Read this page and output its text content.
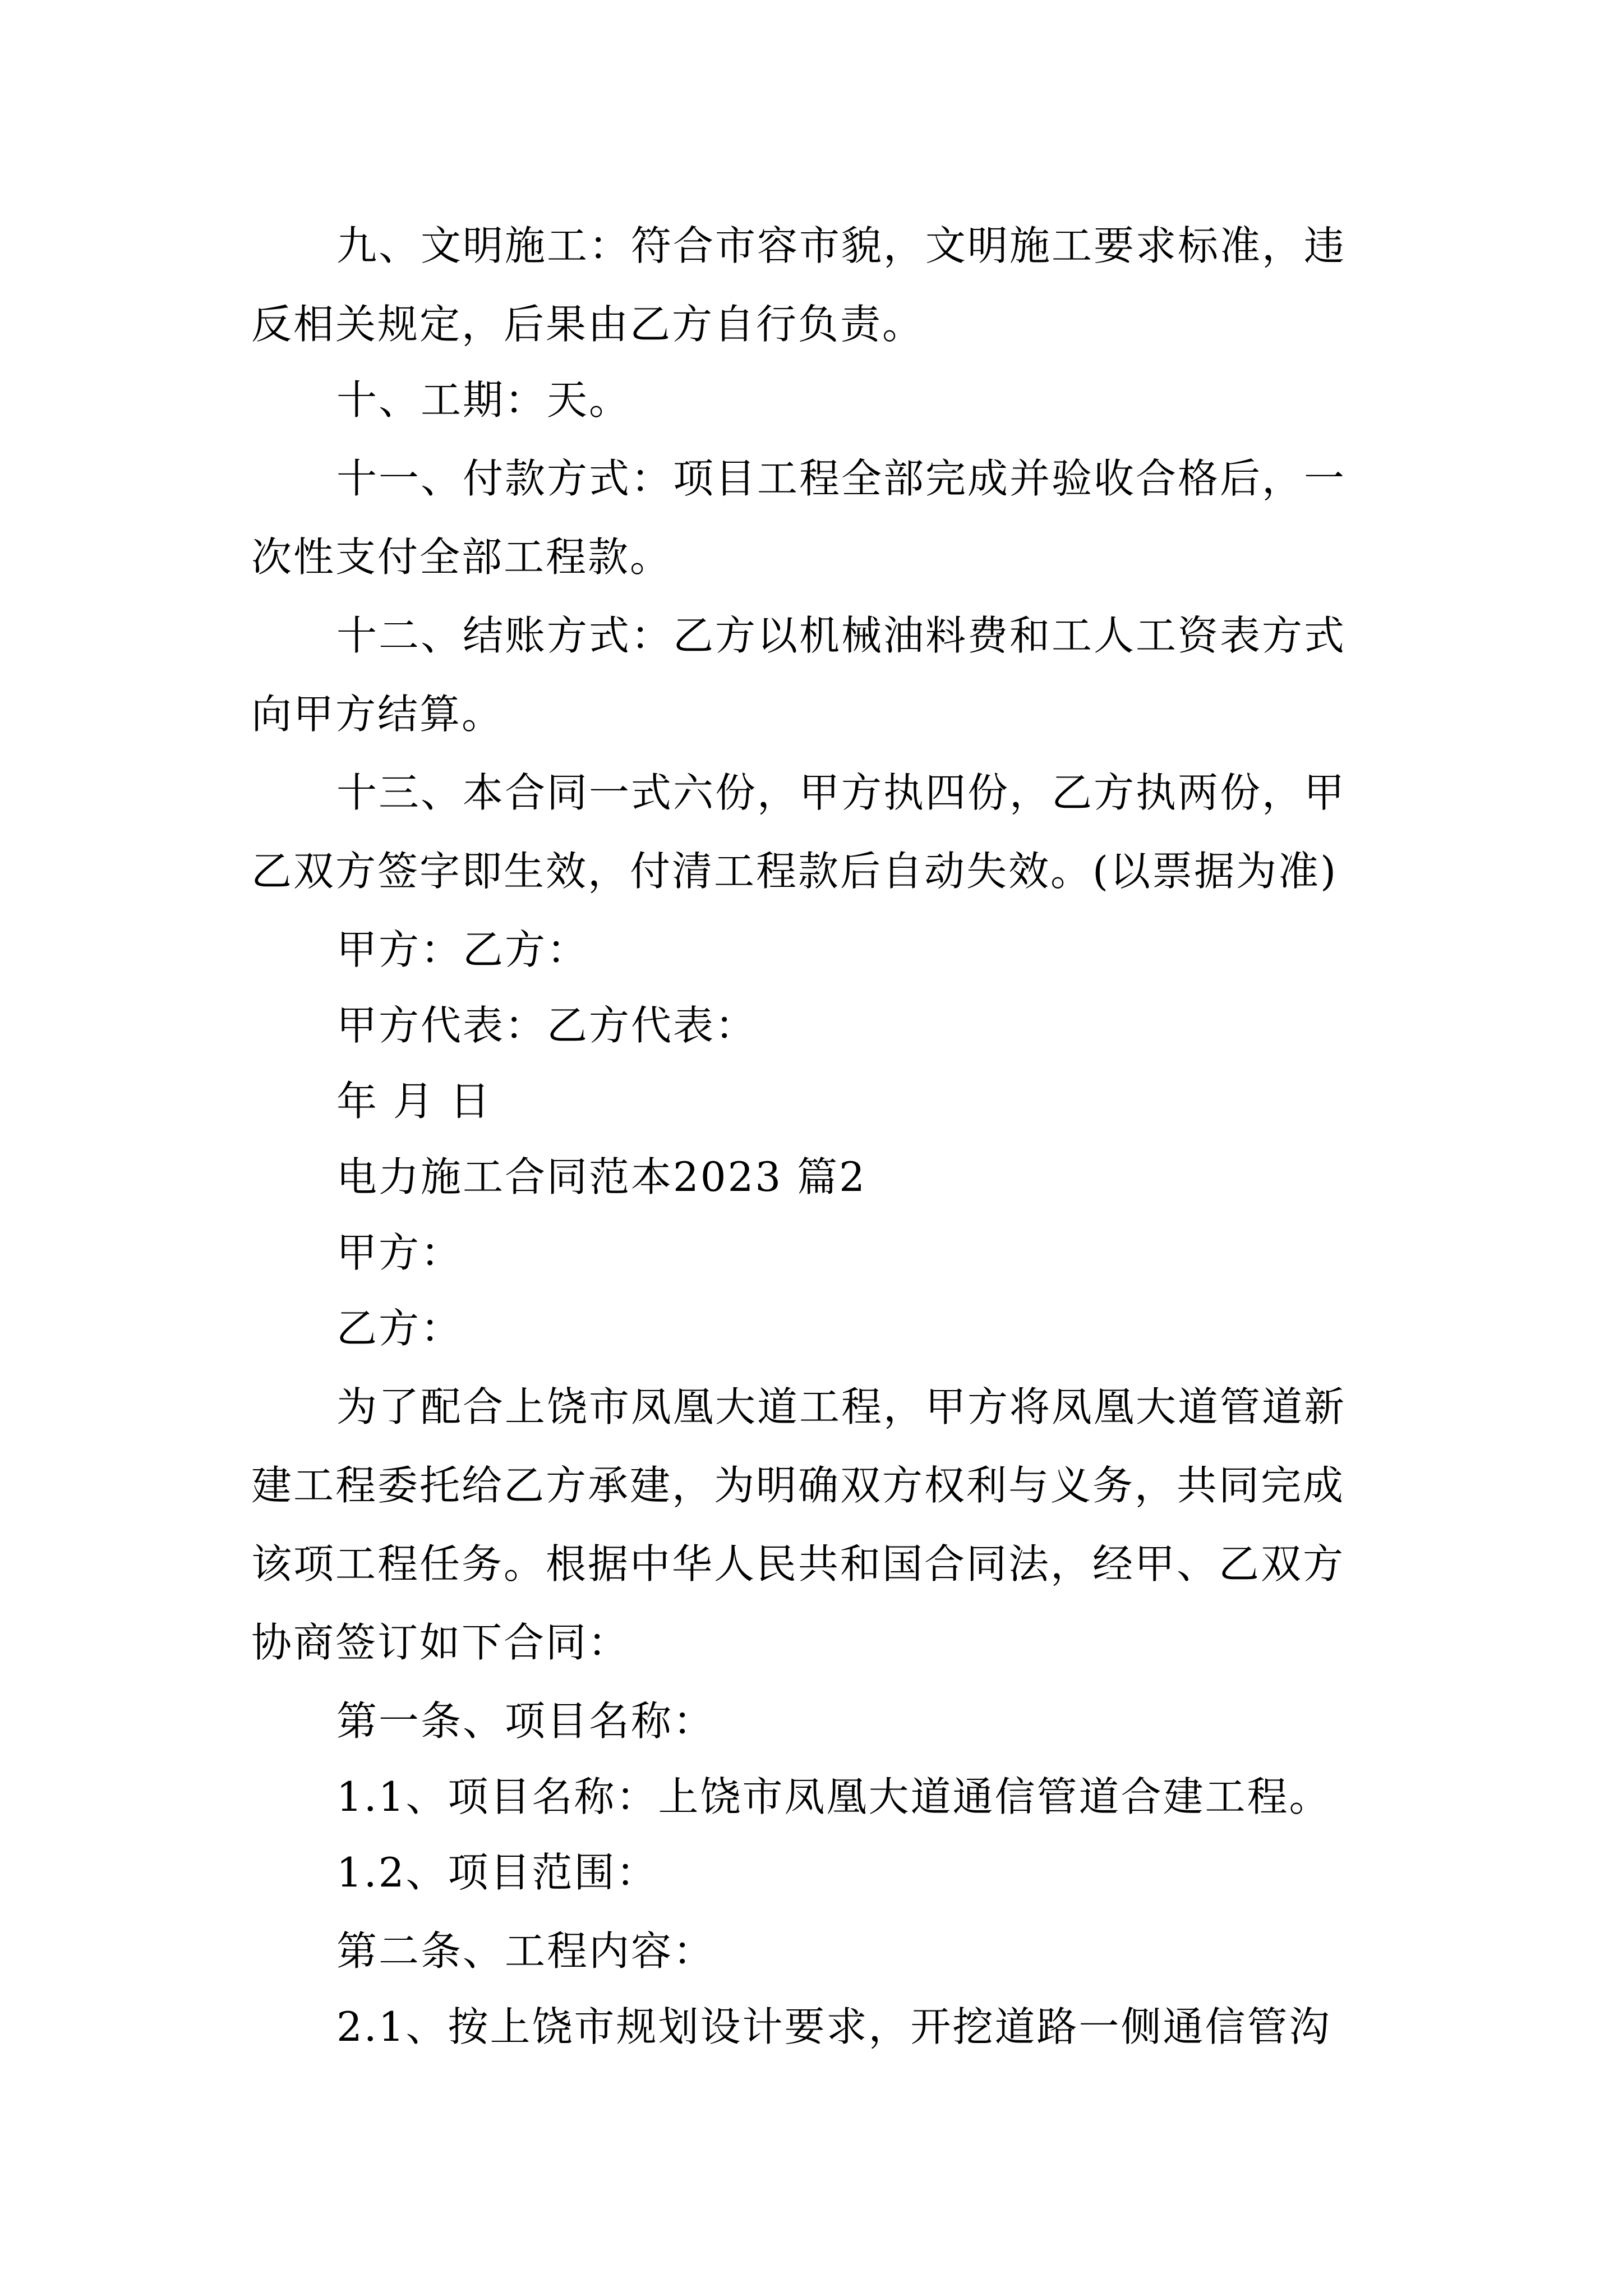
九、文明施工：符合市容市貌，文明施工要求标准，违

反相关规定，后果由乙方自行负责。

十、工期：天。

十一、付款方式：项目工程全部完成并验收合格后，一

次性支付全部工程款。

十二、结账方式：乙方以机械油料费和工人工资表方式

向甲方结算。

十三、本合同一式六份，甲方执四份，乙方执两份，甲

乙双方签字即生效，付清工程款后自动失效。(以票据为准)

甲方：乙方：

甲方代表：乙方代表：

年 月 日

电力施工合同范本2023 篇2

甲方：

乙方：

为了配合上饶市凤凰大道工程，甲方将凤凰大道管道新

建工程委托给乙方承建，为明确双方权利与义务，共同完成

该项工程任务。根据中华人民共和国合同法，经甲、乙双方

协商签订如下合同：

第一条、项目名称：

1.1、项目名称：上饶市凤凰大道通信管道合建工程。

1.2、项目范围：

第二条、工程内容：

2.1、按上饶市规划设计要求，开挖道路一侧通信管沟
